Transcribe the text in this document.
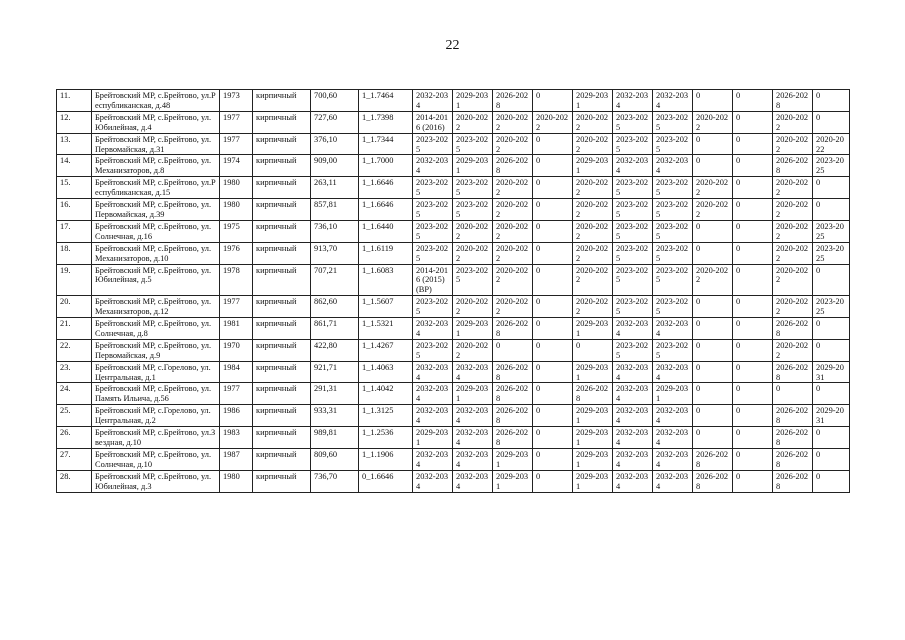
22
11.	Брейтовский МР, с.Брейтово, ул.Республиканская, д.48	1973	кирпичный	700,60	1_1.7464	2032-2034	2029-2031	2026-2028	0	2029-2031	2032-2034	2032-2034	0	0	2026-2028	0
12.	Брейтовский МР, с.Брейтово, ул.Юбилейная, д.4	1977	кирпичный	727,60	1_1.7398	2014-2016 (2016)	2020-2022	2020-2022	2020-2022	2020-2022	2023-2025	2023-2025	2020-2022	0	2020-2022	0
13.	Брейтовский МР, с.Брейтово, ул.Первомайская, д.31	1977	кирпичный	376,10	1_1.7344	2023-2025	2023-2025	2020-2022	0	2020-2022	2023-2025	2023-2025	0	0	2020-2022	2020-2022
14.	Брейтовский МР, с.Брейтово, ул.Механизаторов, д.8	1974	кирпичный	909,00	1_1.7000	2032-2034	2029-2031	2026-2028	0	2029-2031	2032-2034	2032-2034	0	0	2026-2028	2023-2025
15.	Брейтовский МР, с.Брейтово, ул.Республиканская, д.15	1980	кирпичный	263,11	1_1.6646	2023-2025	2023-2025	2020-2022	0	2020-2022	2023-2025	2023-2025	2020-2022	0	2020-2022	0
16.	Брейтовский МР, с.Брейтово, ул.Первомайская, д.39	1980	кирпичный	857,81	1_1.6646	2023-2025	2023-2025	2020-2022	0	2020-2022	2023-2025	2023-2025	2020-2022	0	2020-2022	0
17.	Брейтовский МР, с.Брейтово, ул.Солнечная, д.16	1975	кирпичный	736,10	1_1.6440	2023-2025	2020-2022	2020-2022	0	2020-2022	2023-2025	2023-2025	0	0	2020-2022	2023-2025
18.	Брейтовский МР, с.Брейтово, ул.Механизаторов, д.10	1976	кирпичный	913,70	1_1.6119	2023-2025	2020-2022	2020-2022	0	2020-2022	2023-2025	2023-2025	0	0	2020-2022	2023-2025
19.	Брейтовский МР, с.Брейтово, ул.Юбилейная, д.5	1978	кирпичный	707,21	1_1.6083	2014-2016 (2015) (ВР)	2023-2025	2020-2022	0	2020-2022	2023-2025	2023-2025	2020-2022	0	2020-2022	0
20.	Брейтовский МР, с.Брейтово, ул.Механизаторов, д.12	1977	кирпичный	862,60	1_1.5607	2023-2025	2020-2022	2020-2022	0	2020-2022	2023-2025	2023-2025	0	0	2020-2022	2023-2025
21.	Брейтовский МР, с.Брейтово, ул.Солнечная, д.8	1981	кирпичный	861,71	1_1.5321	2032-2034	2029-2031	2026-2028	0	2029-2031	2032-2034	2032-2034	0	0	2026-2028	0
22.	Брейтовский МР, с.Брейтово, ул.Первомайская, д.9	1970	кирпичный	422,80	1_1.4267	2023-2025	2020-2022	0	0	0	2023-2025	2023-2025	0	0	2020-2022	0
23.	Брейтовский МР, с.Горелово, ул.Центральная, д.1	1984	кирпичный	921,71	1_1.4063	2032-2034	2032-2034	2026-2028	0	2029-2031	2032-2034	2032-2034	0	0	2026-2028	2029-2031
24.	Брейтовский МР, с.Брейтово, ул.Память Ильича, д.56	1977	кирпичный	291,31	1_1.4042	2032-2034	2029-2031	2026-2028	0	2026-2028	2032-2034	2029-2031	0	0	0	0
25.	Брейтовский МР, с.Горелово, ул.Центральная, д.2	1986	кирпичный	933,31	1_1.3125	2032-2034	2032-2034	2026-2028	0	2029-2031	2032-2034	2032-2034	0	0	2026-2028	2029-2031
26.	Брейтовский МР, с.Брейтово, ул.Звездная, д.10	1983	кирпичный	989,81	1_1.2536	2029-2031	2032-2034	2026-2028	0	2029-2031	2032-2034	2032-2034	0	0	2026-2028	0
27.	Брейтовский МР, с.Брейтово, ул.Солнечная, д.10	1987	кирпичный	809,60	1_1.1906	2032-2034	2032-2034	2029-2031	0	2029-2031	2032-2034	2032-2034	2026-2028	0	2026-2028	0
28.	Брейтовский МР, с.Брейтово, ул.Юбилейная, д.3	1980	кирпичный	736,70	0_1.6646	2032-2034	2032-2034	2029-2031	0	2029-2031	2032-2034	2032-2034	2026-2028	0	2026-2028	0
